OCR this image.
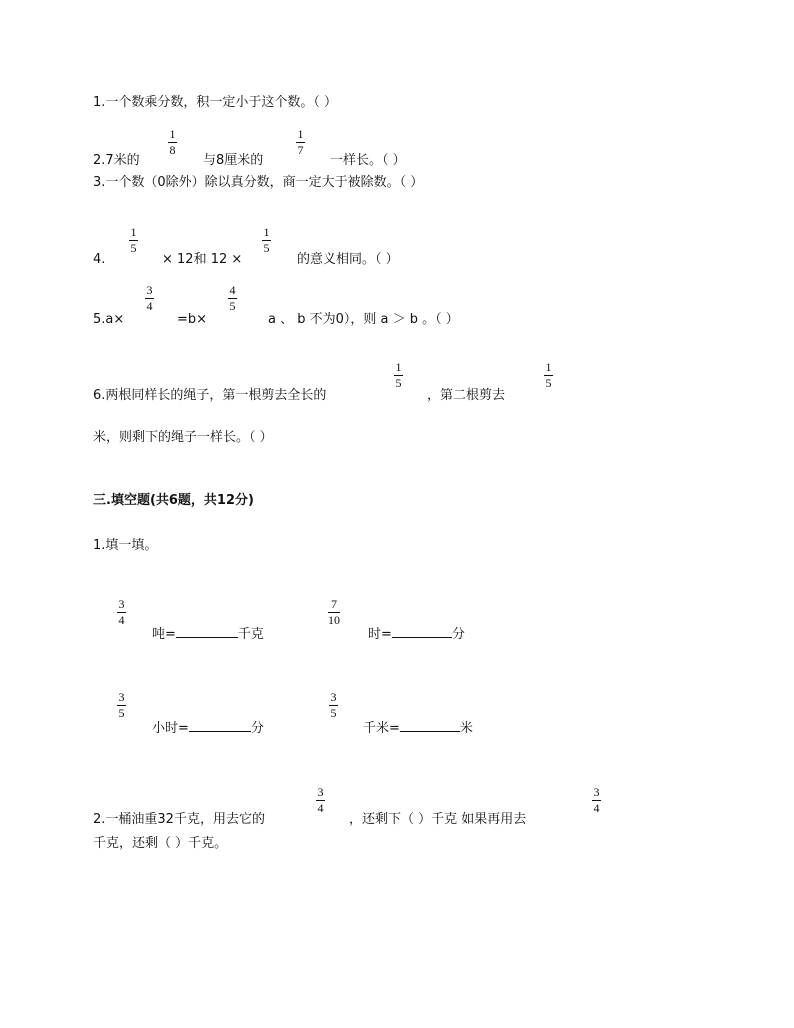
1.一个数乘分数，积一定小于这个数。（ ）
2.7米的
1
8
与8厘米的
1
7
一样长。（ ）
3.一个数（0除外）除以真分数，商一定大于被除数。（ ）
4.
1
5
× 12和 12 ×
1
5
的意义相同。（ ）
5.a×
3
4
=b×
4
5
a 、 b 不为0），则 a ＞ b 。（ ）
6.两根同样长的绳子，第一根剪去全长的
1
5
，第二根剪去
1
5
米，则剩下的绳子一样长。（ ）
三.填空题(共6题，共12分)
1.填一填。
3
4
吨=	千克
7
10
时=	分
3
5
小时=	分
3
5
千米=	米
2.一桶油重32千克，用去它的
3
4
，还剩下（ ）千克 如果再用去
3
4
千克，还剩（ ）千克。
